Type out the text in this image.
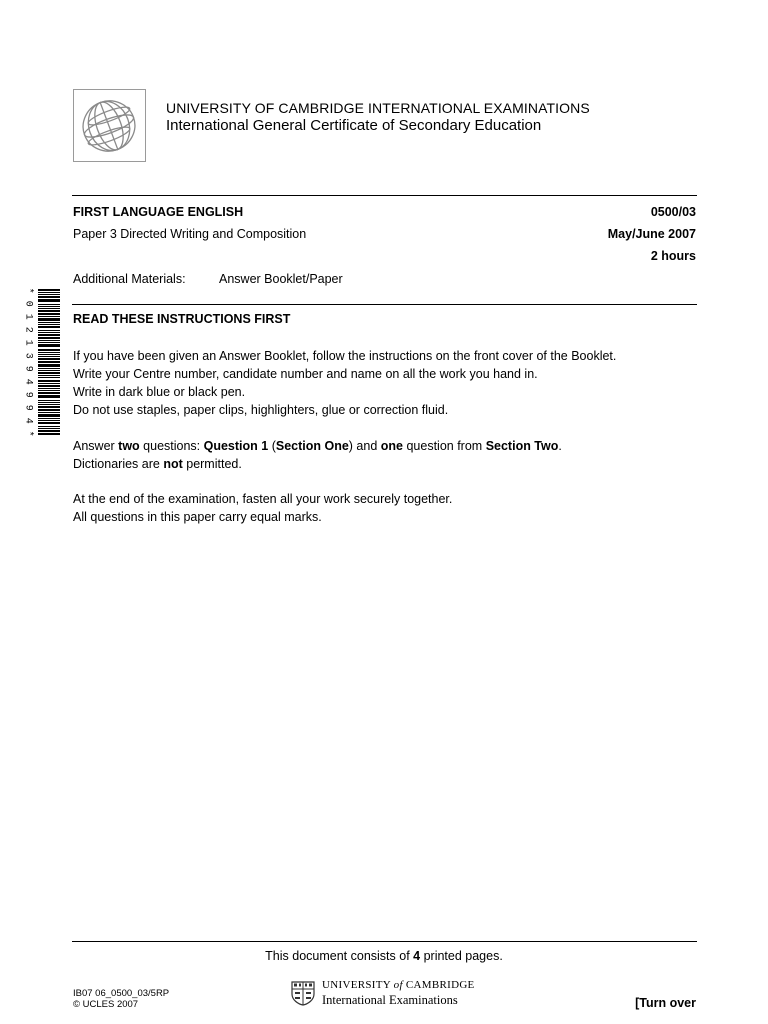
UNIVERSITY OF CAMBRIDGE INTERNATIONAL EXAMINATIONS
International General Certificate of Secondary Education
FIRST LANGUAGE ENGLISH	0500/03
Paper 3 Directed Writing and Composition	May/June 2007
2 hours
Additional Materials:	Answer Booklet/Paper
* 0 1 2 1 3 9 4 9 9 4 *	READ THESE INSTRUCTIONS FIRST
If you have been given an Answer Booklet, follow the instructions on the front cover of the Booklet.
Write your Centre number, candidate number and name on all the work you hand in.
Write in dark blue or black pen.
Do not use staples, paper clips, highlighters, glue or correction fluid.
Answer two questions: Question 1 (Section One) and one question from Section Two.
Dictionaries are not permitted.
At the end of the examination, fasten all your work securely together.
All questions in this paper carry equal marks.
This document consists of 4 printed pages.
IB07 06_0500_03/5RP
© UCLES 2007
UNIVERSITY of CAMBRIDGE
International Examinations	[Turn over
